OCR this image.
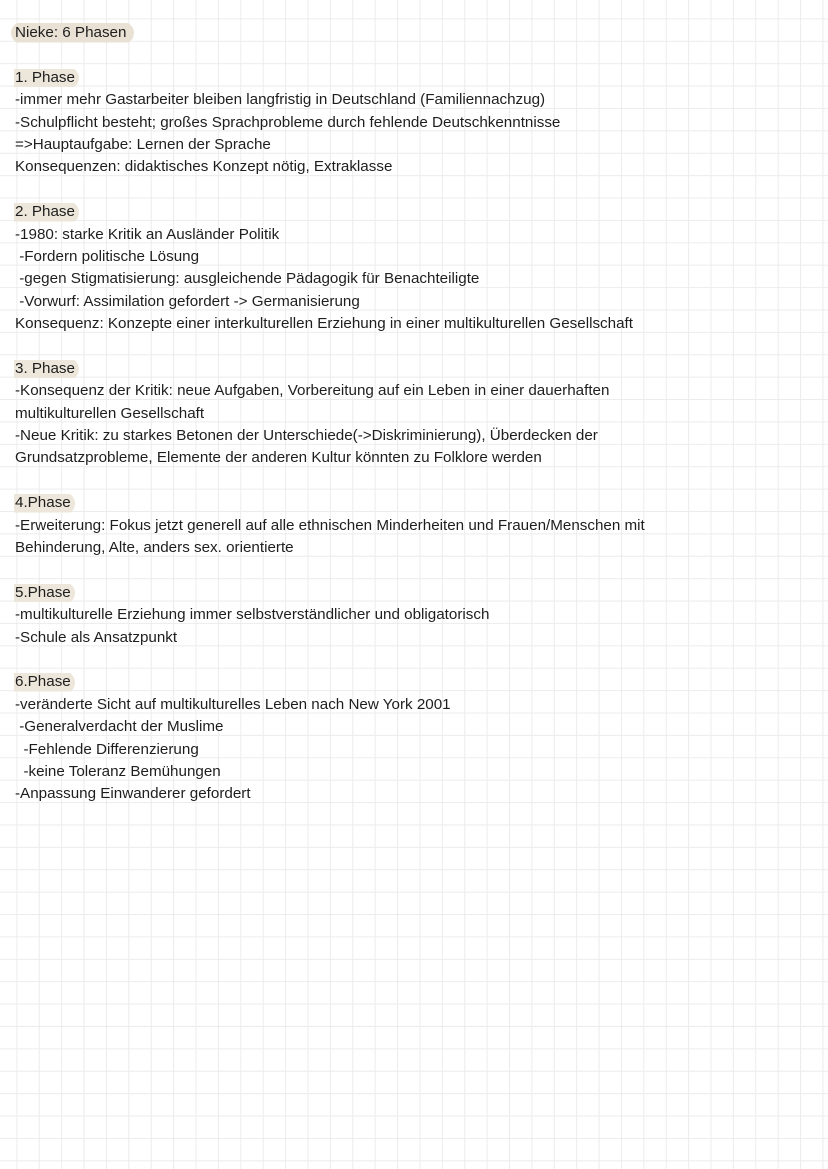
Nieke: 6 Phasen
1. Phase
-immer mehr Gastarbeiter bleiben langfristig in Deutschland (Familiennachzug)
-Schulpflicht besteht; großes Sprachprobleme durch fehlende Deutschkenntnisse
=>Hauptaufgabe: Lernen der Sprache
Konsequenzen: didaktisches Konzept nötig, Extraklasse
2. Phase
-1980: starke Kritik an Ausländer Politik
-Fordern politische Lösung
-gegen Stigmatisierung: ausgleichende Pädagogik für Benachteiligte
-Vorwurf: Assimilation gefordert -> Germanisierung
Konsequenz: Konzepte einer interkulturellen Erziehung in einer multikulturellen Gesellschaft
3. Phase
-Konsequenz der Kritik: neue Aufgaben, Vorbereitung auf ein Leben in einer dauerhaften
multikulturellen Gesellschaft
-Neue Kritik: zu starkes Betonen der Unterschiede(->Diskriminierung), Überdecken der
Grundsatzprobleme, Elemente der anderen Kultur könnten zu Folklore werden
4.Phase
-Erweiterung: Fokus jetzt generell auf alle ethnischen Minderheiten und Frauen/Menschen mit
Behinderung, Alte, anders sex. orientierte
5.Phase
-multikulturelle Erziehung immer selbstverständlicher und obligatorisch
-Schule als Ansatzpunkt
6.Phase
-veränderte Sicht auf multikulturelles Leben nach New York 2001
-Generalverdacht der Muslime
-Fehlende Differenzierung
-keine Toleranz Bemühungen
-Anpassung Einwanderer gefordert
